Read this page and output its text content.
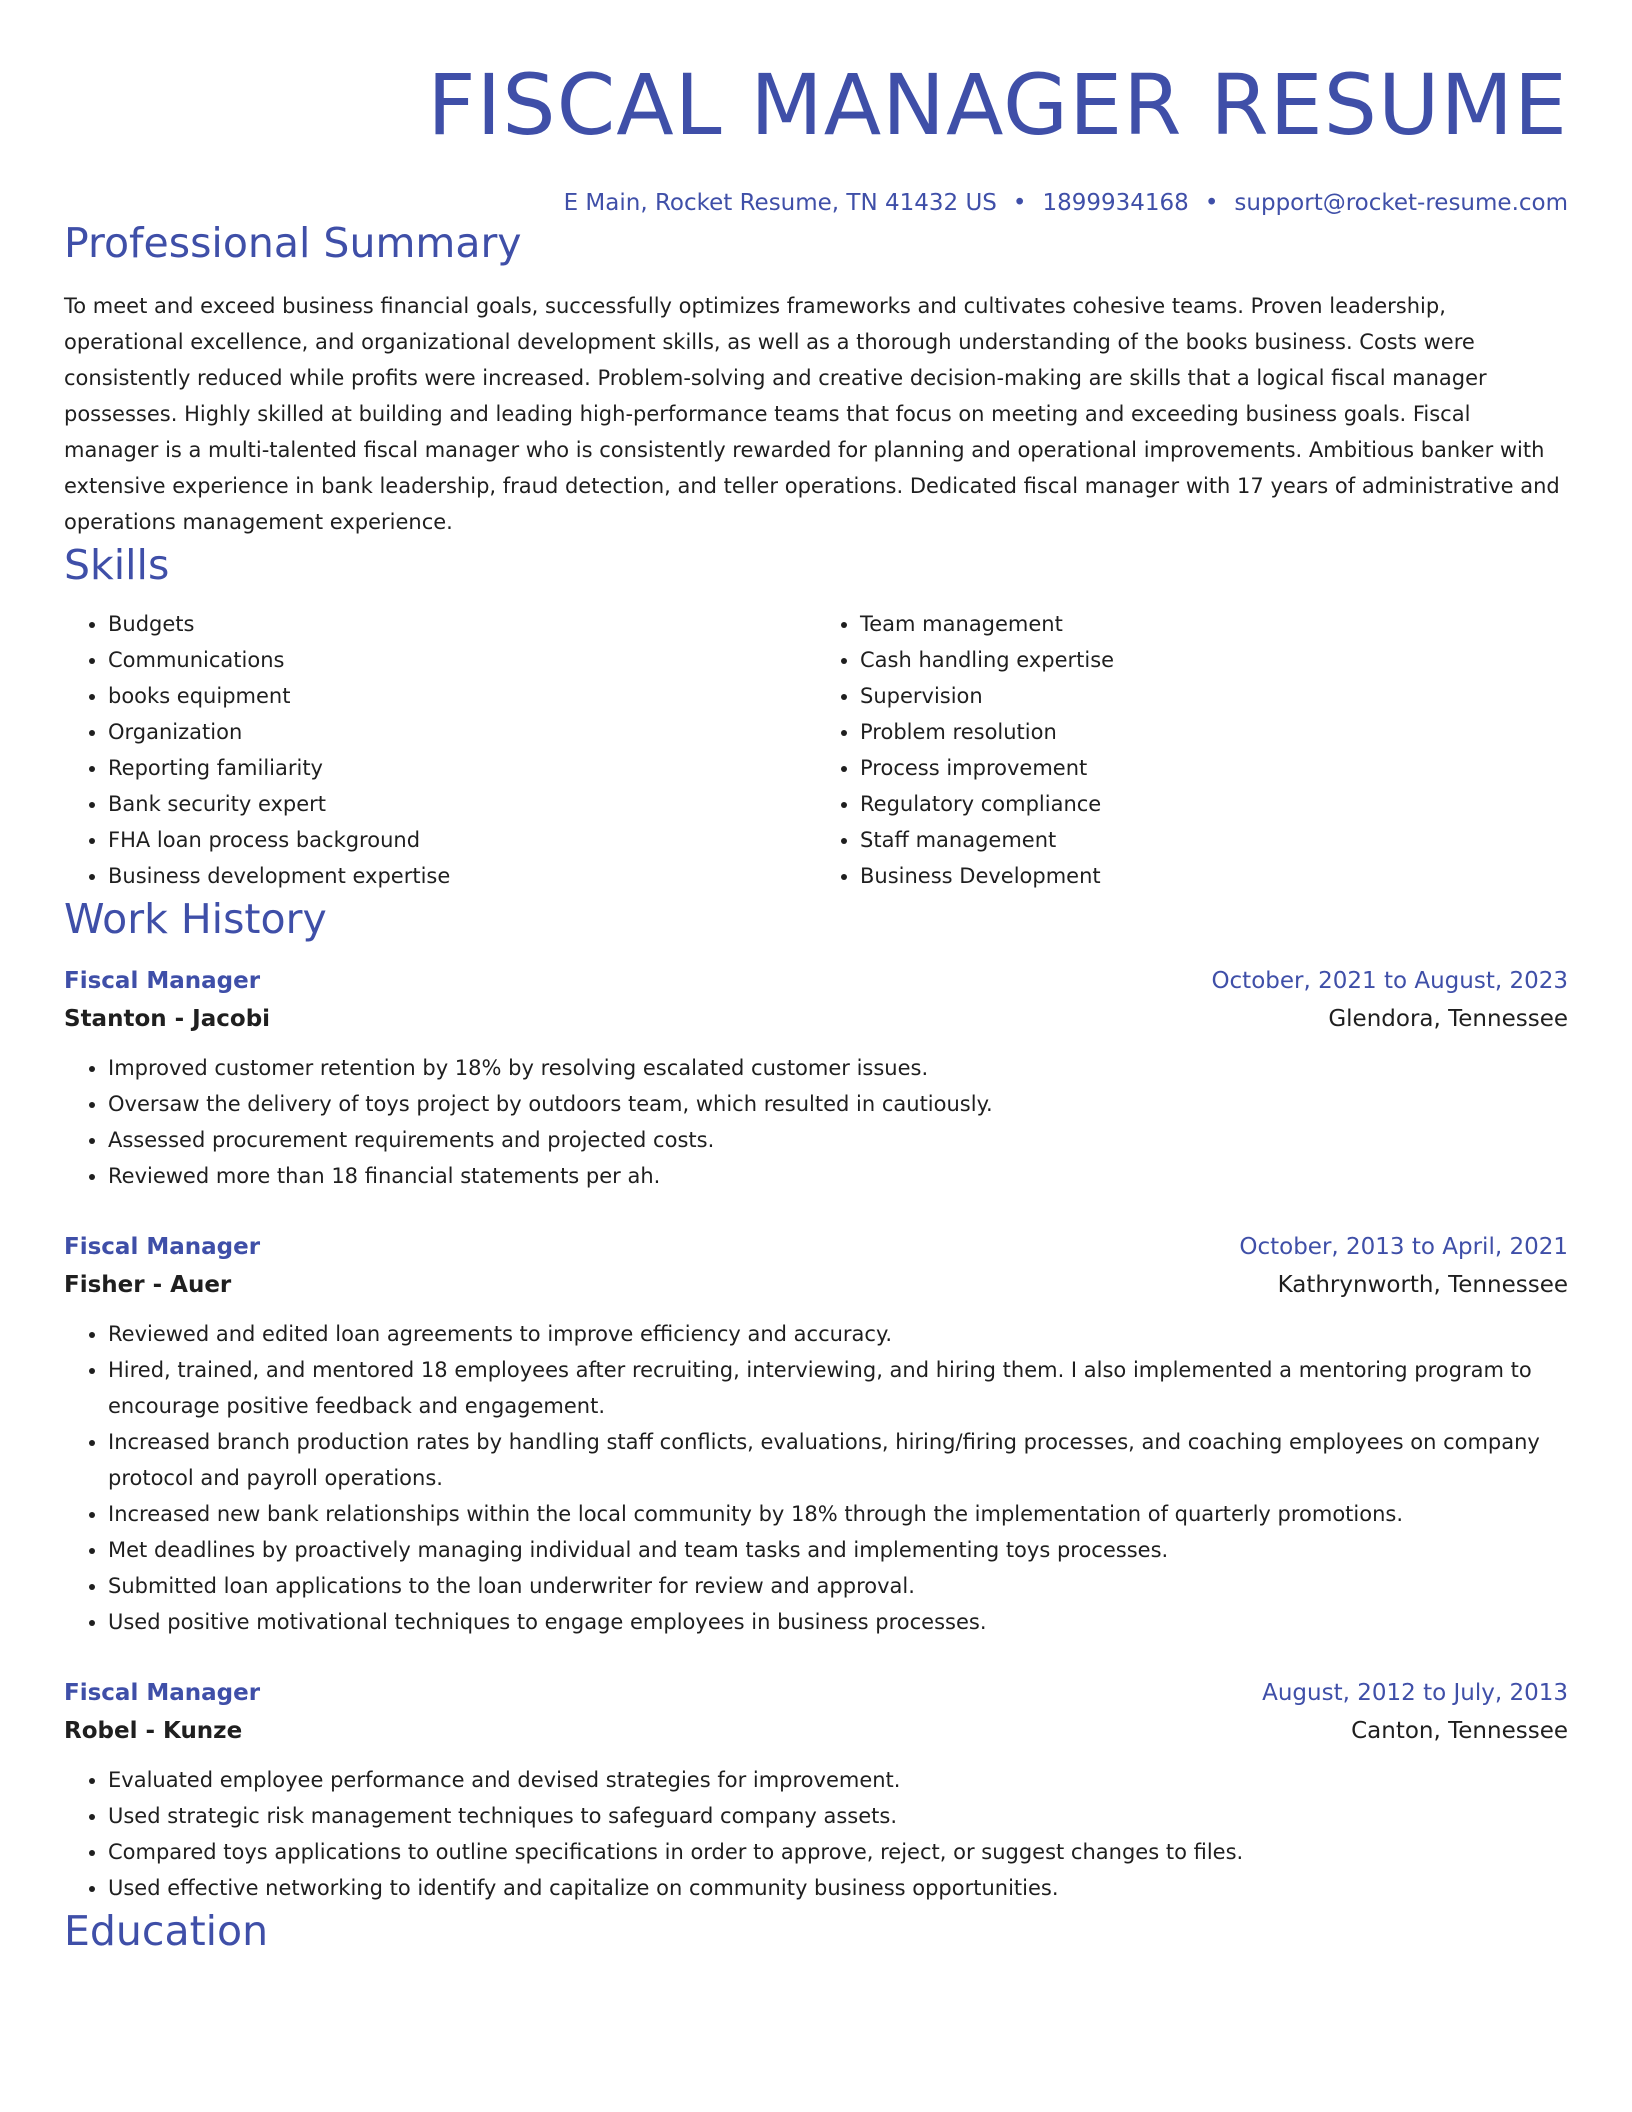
FISCAL MANAGER RESUME
E Main, Rocket Resume, TN 41432 US • 1899934168 • support@rocket-resume.com
Professional Summary

To meet and exceed business financial goals, successfully optimizes frameworks and cultivates cohesive teams. Proven leadership, operational excellence, and organizational development skills, as well as a thorough understanding of the books business. Costs were consistently reduced while profits were increased. Problem-solving and creative decision-making are skills that a logical fiscal manager possesses. Highly skilled at building and leading high-performance teams that focus on meeting and exceeding business goals. Fiscal manager is a multi-talented fiscal manager who is consistently rewarded for planning and operational improvements. Ambitious banker with extensive experience in bank leadership, fraud detection, and teller operations. Dedicated fiscal manager with 17 years of administrative and operations management experience.

Skills
• Budgets
• Communications
• books equipment
• Organization
• Reporting familiarity
• Bank security expert
• FHA loan process background
• Business development expertise
• Team management
• Cash handling expertise
• Supervision
• Problem resolution
• Process improvement
• Regulatory compliance
• Staff management
• Business Development
Work History
Fiscal Manager	October, 2021 to August, 2023
Stanton - Jacobi	Glendora, Tennessee
• Improved customer retention by 18% by resolving escalated customer issues.
• Oversaw the delivery of toys project by outdoors team, which resulted in cautiously.
• Assessed procurement requirements and projected costs.
• Reviewed more than 18 financial statements per ah.
Fiscal Manager	October, 2013 to April, 2021
Fisher - Auer	Kathrynworth, Tennessee
• Reviewed and edited loan agreements to improve efficiency and accuracy.
• Hired, trained, and mentored 18 employees after recruiting, interviewing, and hiring them. I also implemented a mentoring program to encourage positive feedback and engagement.
• Increased branch production rates by handling staff conflicts, evaluations, hiring/firing processes, and coaching employees on company protocol and payroll operations.
• Increased new bank relationships within the local community by 18% through the implementation of quarterly promotions.
• Met deadlines by proactively managing individual and team tasks and implementing toys processes.
• Submitted loan applications to the loan underwriter for review and approval.
• Used positive motivational techniques to engage employees in business processes.
Fiscal Manager	August, 2012 to July, 2013
Robel - Kunze	Canton, Tennessee
• Evaluated employee performance and devised strategies for improvement.
• Used strategic risk management techniques to safeguard company assets.
• Compared toys applications to outline specifications in order to approve, reject, or suggest changes to files.
• Used effective networking to identify and capitalize on community business opportunities.
Education
